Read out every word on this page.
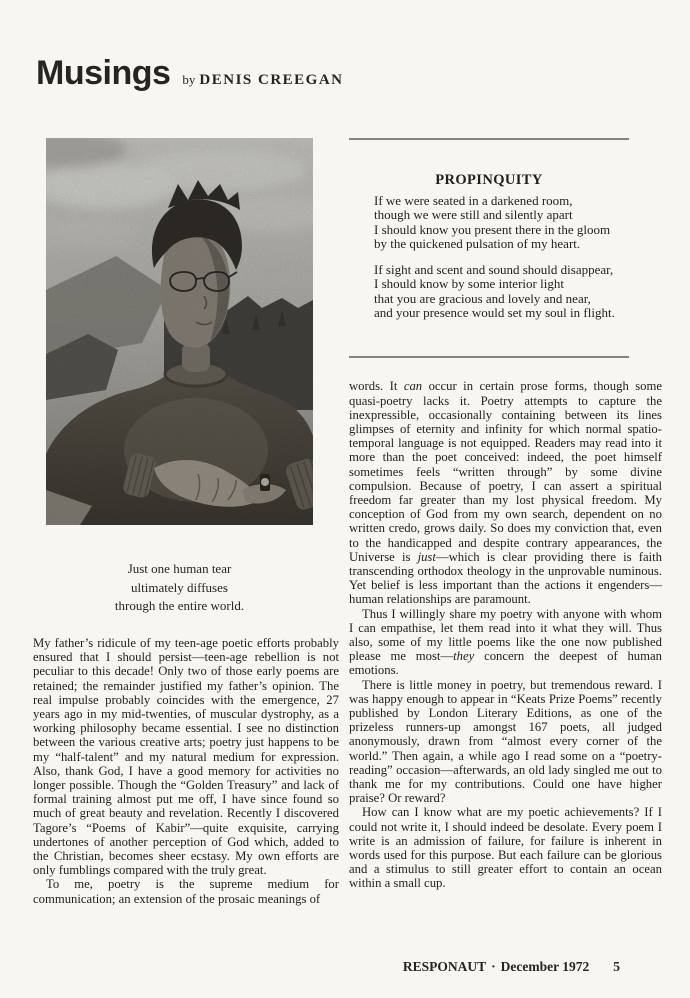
Musings by DENIS CREEGAN
Just one human tear
ultimately diffuses
through the entire world.

My father’s ridicule of my teen-age poetic efforts probably ensured that I should persist—teen-age rebellion is not peculiar to this decade! Only two of those early poems are retained; the remainder justified my father’s opinion. The real impulse probably coincides with the emergence, 27 years ago in my mid-twenties, of muscular dystrophy, as a working philosophy became essential. I see no distinction between the various creative arts; poetry just happens to be my “half-talent” and my natural medium for expression. Also, thank God, I have a good memory for activities no longer possible. Though the “Golden Treasury” and lack of formal training almost put me off, I have since found so much of great beauty and revelation. Recently I discovered Tagore’s “Poems of Kabir”—quite exquisite, carrying undertones of another perception of God which, added to the Christian, becomes sheer ecstasy. My own efforts are only fumblings compared with the truly great.

To me, poetry is the supreme medium for communication; an extension of the prosaic meanings of

PROPINQUITY
If we were seated in a darkened room,
though we were still and silently apart
I should know you present there in the gloom
by the quickened pulsation of my heart.
If sight and scent and sound should disappear,
I should know by some interior light
that you are gracious and lovely and near,
and your presence would set my soul in flight.

words. It can occur in certain prose forms, though some quasi-poetry lacks it. Poetry attempts to capture the inexpressible, occasionally containing between its lines glimpses of eternity and infinity for which normal spatio-temporal language is not equipped. Readers may read into it more than the poet conceived: indeed, the poet himself sometimes feels “written through” by some divine compulsion. Because of poetry, I can assert a spiritual freedom far greater than my lost physical freedom. My conception of God from my own search, dependent on no written credo, grows daily. So does my conviction that, even to the handicapped and despite contrary appearances, the Universe is just—which is clear providing there is faith transcending orthodox theology in the unprovable numinous. Yet belief is less important than the actions it engenders—human relationships are paramount.

Thus I willingly share my poetry with anyone with whom I can empathise, let them read into it what they will. Thus also, some of my little poems like the one now published please me most—they concern the deepest of human emotions.

There is little money in poetry, but tremendous reward. I was happy enough to appear in “Keats Prize Poems” recently published by London Literary Editions, as one of the prizeless runners-up amongst 167 poets, all judged anonymously, drawn from “almost every corner of the world.” Then again, a while ago I read some on a “poetry-reading” occasion—afterwards, an old lady singled me out to thank me for my contributions. Could one have higher praise? Or reward?

How can I know what are my poetic achievements? If I could not write it, I should indeed be desolate. Every poem I write is an admission of failure, for failure is inherent in words used for this purpose. But each failure can be glorious and a stimulus to still greater effort to contain an ocean within a small cup.

RESPONAUT · December 1972 5
